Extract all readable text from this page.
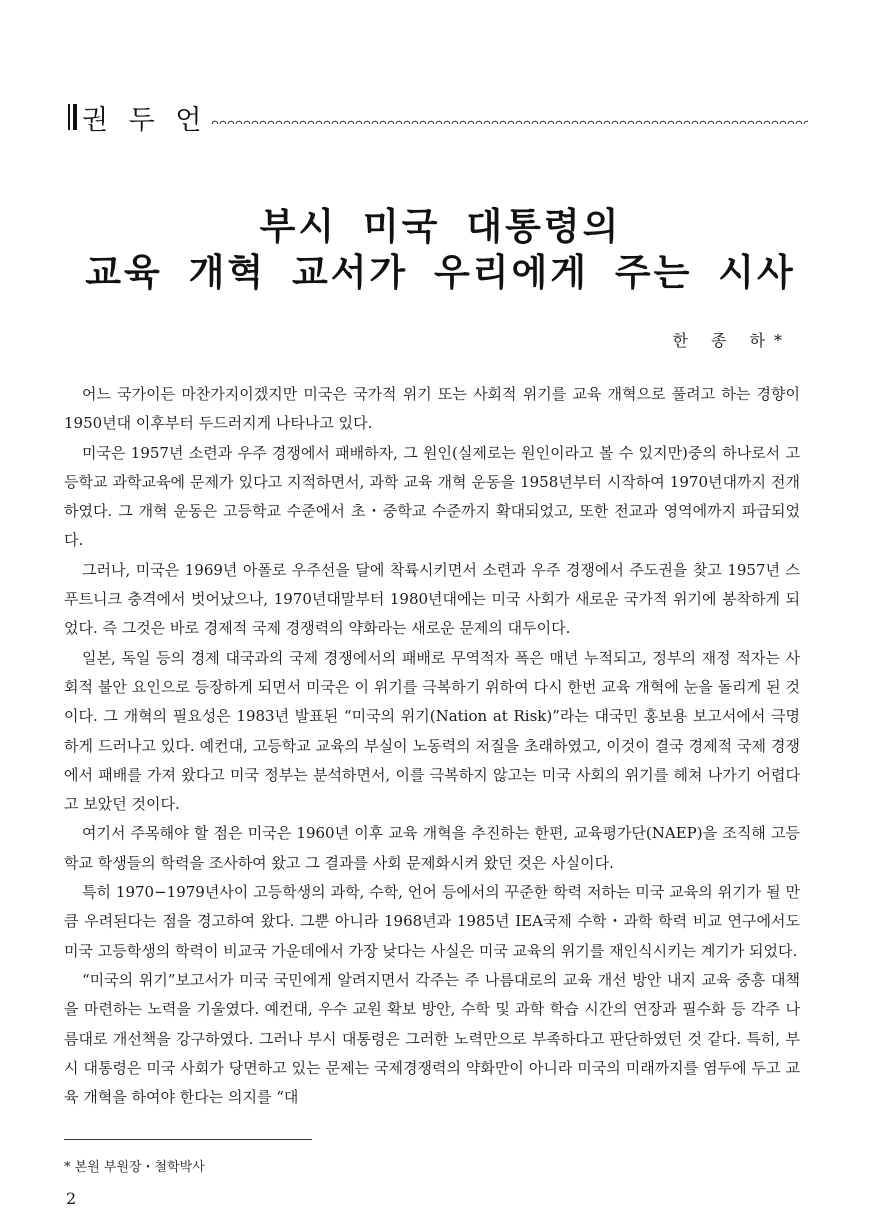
권 두 언
부시 미국 대통령의
교육 개혁 교서가 우리에게 주는 시사
한 종 하*

어느 국가이든 마찬가지이겠지만 미국은 국가적 위기 또는 사회적 위기를 교육 개혁으로 풀려고 하는 경향이 1950년대 이후부터 두드러지게 나타나고 있다.

미국은 1957년 소련과 우주 경쟁에서 패배하자, 그 원인(실제로는 원인이라고 볼 수 있지만)중의 하나로서 고등학교 과학교육에 문제가 있다고 지적하면서, 과학 교육 개혁 운동을 1958년부터 시작하여 1970년대까지 전개하였다. 그 개혁 운동은 고등학교 수준에서 초・중학교 수준까지 확대되었고, 또한 전교과 영역에까지 파급되었다.

그러나, 미국은 1969년 아폴로 우주선을 달에 착륙시키면서 소련과 우주 경쟁에서 주도권을 찾고 1957년 스푸트니크 충격에서 벗어났으나, 1970년대말부터 1980년대에는 미국 사회가 새로운 국가적 위기에 봉착하게 되었다. 즉 그것은 바로 경제적 국제 경쟁력의 약화라는 새로운 문제의 대두이다.

일본, 독일 등의 경제 대국과의 국제 경쟁에서의 패배로 무역적자 폭은 매년 누적되고, 정부의 재정 적자는 사회적 불안 요인으로 등장하게 되면서 미국은 이 위기를 극복하기 위하여 다시 한번 교육 개혁에 눈을 돌리게 된 것이다. 그 개혁의 필요성은 1983년 발표된 “미국의 위기(Nation at Risk)”라는 대국민 홍보용 보고서에서 극명하게 드러나고 있다. 예컨대, 고등학교 교육의 부실이 노동력의 저질을 초래하였고, 이것이 결국 경제적 국제 경쟁에서 패배를 가져 왔다고 미국 정부는 분석하면서, 이를 극복하지 않고는 미국 사회의 위기를 헤쳐 나가기 어렵다고 보았던 것이다.

여기서 주목해야 할 점은 미국은 1960년 이후 교육 개혁을 추진하는 한편, 교육평가단(NAEP)을 조직해 고등학교 학생들의 학력을 조사하여 왔고 그 결과를 사회 문제화시켜 왔던 것은 사실이다.

특히 1970−1979년사이 고등학생의 과학, 수학, 언어 등에서의 꾸준한 학력 저하는 미국 교육의 위기가 될 만큼 우려된다는 점을 경고하여 왔다. 그뿐 아니라 1968년과 1985년 IEA국제 수학・과학 학력 비교 연구에서도 미국 고등학생의 학력이 비교국 가운데에서 가장 낮다는 사실은 미국 교육의 위기를 재인식시키는 계기가 되었다.

“미국의 위기”보고서가 미국 국민에게 알려지면서 각주는 주 나름대로의 교육 개선 방안 내지 교육 중흥 대책을 마련하는 노력을 기울였다. 예컨대, 우수 교원 확보 방안, 수학 및 과학 학습 시간의 연장과 필수화 등 각주 나름대로 개선책을 강구하였다. 그러나 부시 대통령은 그러한 노력만으로 부족하다고 판단하였던 것 같다. 특히, 부시 대통령은 미국 사회가 당면하고 있는 문제는 국제경쟁력의 약화만이 아니라 미국의 미래까지를 염두에 두고 교육 개혁을 하여야 한다는 의지를 “대

* 본원 부원장・철학박사
2
